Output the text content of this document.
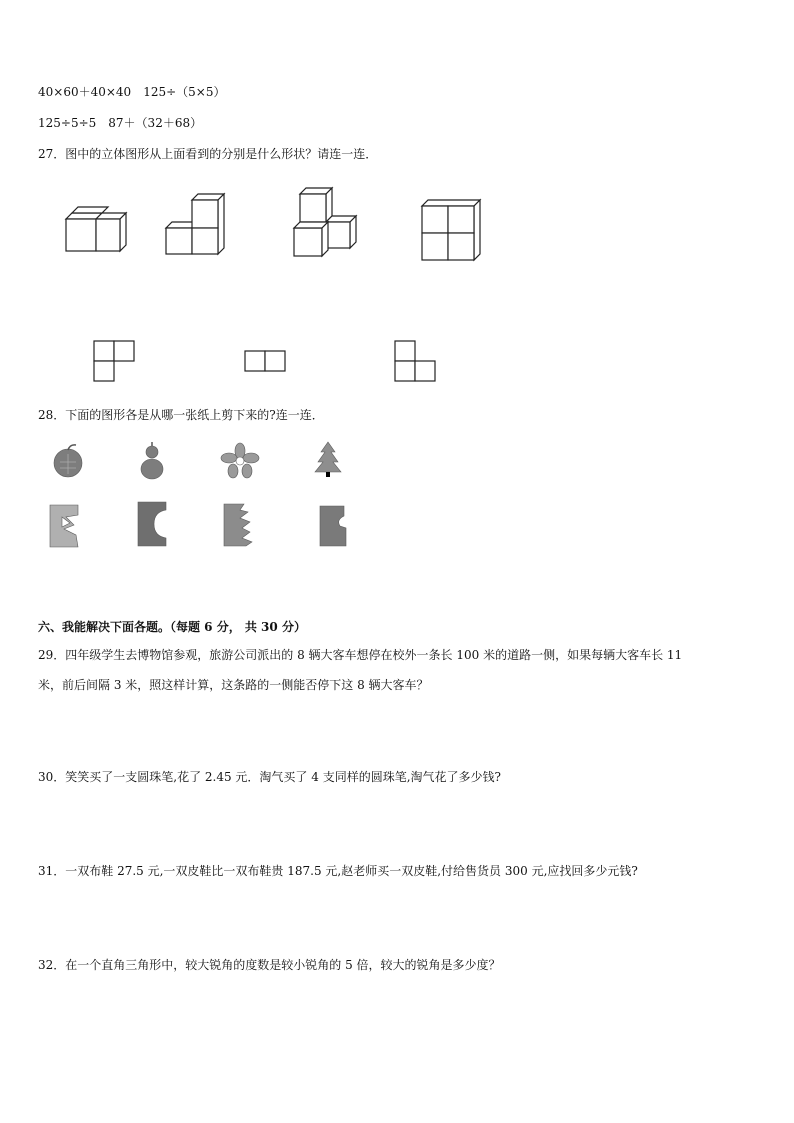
40×60＋40×40　125÷（5×5）
125÷5÷5　87＋（32＋68）
27．图中的立体图形从上面看到的分别是什么形状？请连一连．
28．下面的图形各是从哪一张纸上剪下来的?连一连．
六、我能解决下面各题。（每题 6 分， 共 30 分）
29．四年级学生去博物馆参观，旅游公司派出的 8 辆大客车想停在校外一条长 100 米的道路一侧，如果每辆大客车长 11
米，前后间隔 3 米，照这样计算，这条路的一侧能否停下这 8 辆大客车？
30．笑笑买了一支圆珠笔,花了 2.45 元．淘气买了 4 支同样的圆珠笔,淘气花了多少钱?
31．一双布鞋 27.5 元,一双皮鞋比一双布鞋贵 187.5 元,赵老师买一双皮鞋,付给售货员 300 元,应找回多少元钱?
32．在一个直角三角形中，较大锐角的度数是较小锐角的 5 倍，较大的锐角是多少度？
